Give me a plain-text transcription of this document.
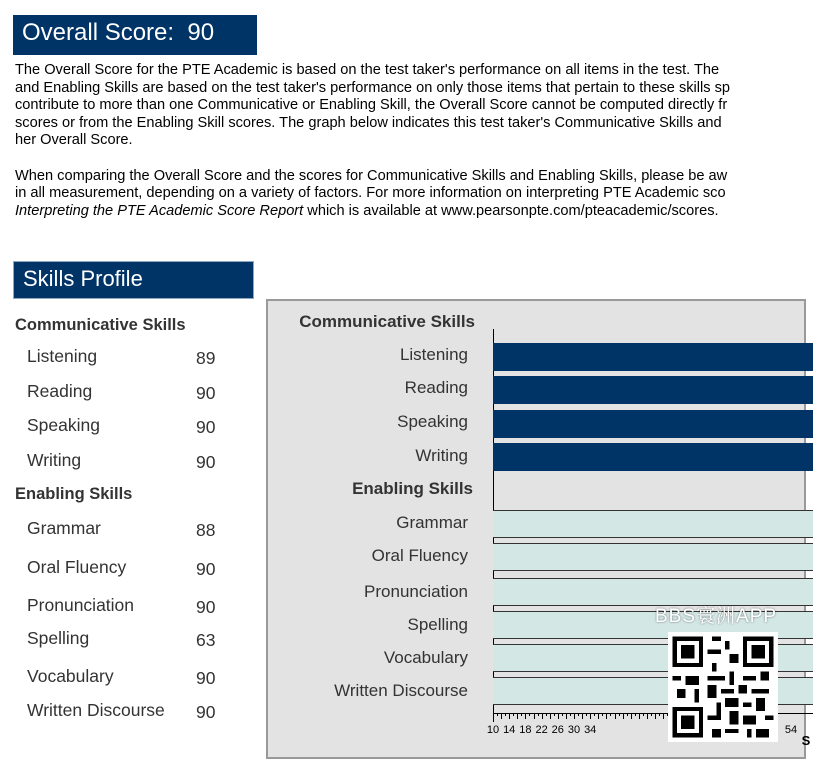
Overall Score: 90

The Overall Score for the PTE Academic is based on the test taker's performance on all items in the test. The
and Enabling Skills are based on the test taker's performance on only those items that pertain to these skills sp
contribute to more than one Communicative or Enabling Skill, the Overall Score cannot be computed directly fr
scores or from the Enabling Skill scores. The graph below indicates this test taker's Communicative Skills and
her Overall Score.

When comparing the Overall Score and the scores for Communicative Skills and Enabling Skills, please be aw
in all measurement, depending on a variety of factors. For more information on interpreting PTE Academic sco
Interpreting the PTE Academic Score Report which is available at www.pearsonpte.com/pteacademic/scores.

Skills Profile
Communicative Skills
Listening	89
Reading	90
Speaking	90
Writing	90
Enabling Skills
Grammar	88
Oral Fluency	90
Pronunciation	90
Spelling	63
Vocabulary	90
Written Discourse 90
Communicative Skills
Enabling Skills
Listening
Reading
Speaking
Writing
Grammar
Oral Fluency
Pronunciation
Spelling
Vocabulary
Written Discourse
10 14 18 22 26 30 34	54
S
BBS寰洲APP
